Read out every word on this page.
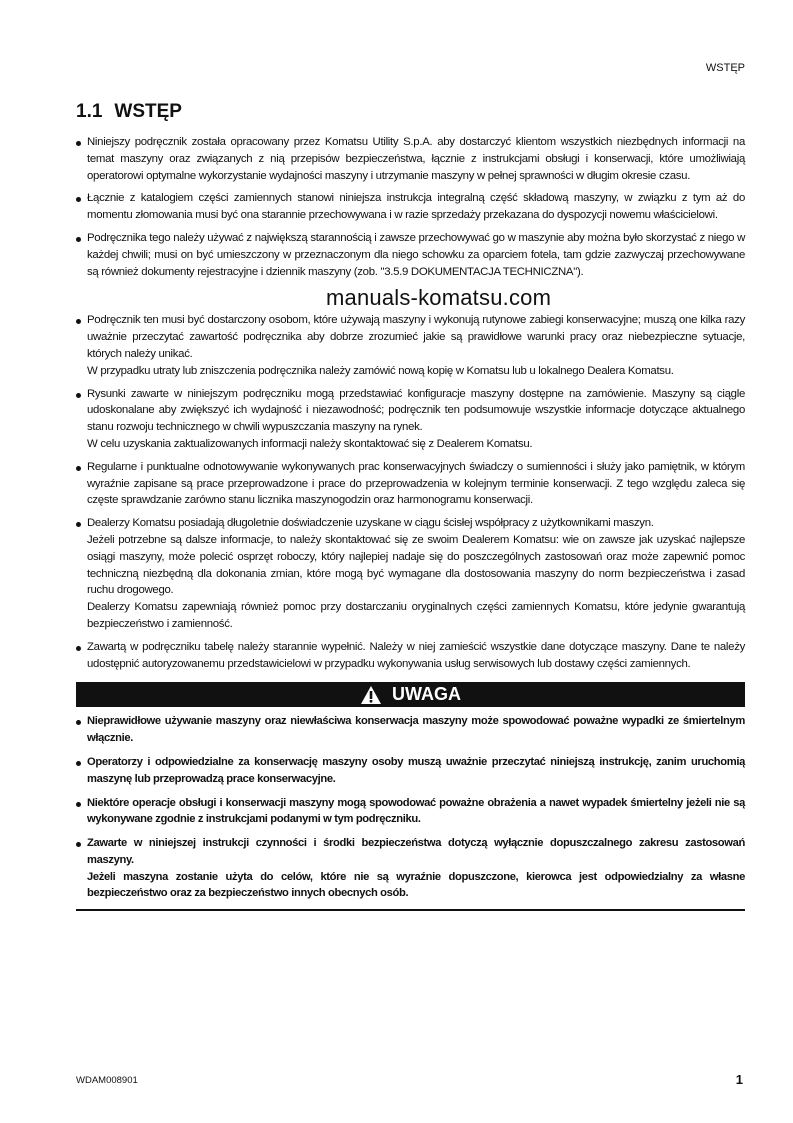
WSTĘP
1.1 WSTĘP

Niniejszy podręcznik została opracowany przez Komatsu Utility S.p.A. aby dostarczyć klientom wszystkich niezbędnych informacji na temat maszyny oraz związanych z nią przepisów bezpieczeństwa, łącznie z instrukcjami obsługi i konserwacji, które umożliwiają operatorowi optymalne wykorzystanie wydajności maszyny i utrzymanie maszyny w pełnej sprawności w długim okresie czasu.

Łącznie z katalogiem części zamiennych stanowi niniejsza instrukcja integralną część składową maszyny, w związku z tym aż do momentu złomowania musi być ona starannie przechowywana i w razie sprzedaży przekazana do dyspozycji nowemu właścicielowi.

Podręcznika tego należy używać z największą starannością i zawsze przechowywać go w maszynie aby można było skorzystać z niego w każdej chwili; musi on być umieszczony w przeznaczonym dla niego schowku za oparciem fotela, tam gdzie zazwyczaj przechowywane są również dokumenty rejestracyjne i dziennik maszyny (zob. "3.5.9 DOKUMENTACJA TECHNICZNA").

manuals-komatsu.com

Podręcznik ten musi być dostarczony osobom, które używają maszyny i wykonują rutynowe zabiegi konserwacyjne; muszą one kilka razy uważnie przeczytać zawartość podręcznika aby dobrze zrozumieć jakie są prawidłowe warunki pracy oraz niebezpieczne sytuacje, których należy unikać.

W przypadku utraty lub zniszczenia podręcznika należy zamówić nową kopię w Komatsu lub u lokalnego Dealera Komatsu.

Rysunki zawarte w niniejszym podręczniku mogą przedstawiać konfiguracje maszyny dostępne na zamówienie. Maszyny są ciągle udoskonalane aby zwiększyć ich wydajność i niezawodność; podręcznik ten podsumowuje wszystkie informacje dotyczące aktualnego stanu rozwoju technicznego w chwili wypuszczania maszyny na rynek.

W celu uzyskania zaktualizowanych informacji należy skontaktować się z Dealerem Komatsu.

Regularne i punktualne odnotowywanie wykonywanych prac konserwacyjnych świadczy o sumienności i służy jako pamiętnik, w którym wyraźnie zapisane są prace przeprowadzone i prace do przeprowadzenia w kolejnym terminie konserwacji. Z tego względu zaleca się częste sprawdzanie zarówno stanu licznika maszynogodzin oraz harmonogramu konserwacji.

Dealerzy Komatsu posiadają długoletnie doświadczenie uzyskane w ciągu ścisłej współpracy z użytkownikami maszyn.

Jeżeli potrzebne są dalsze informacje, to należy skontaktować się ze swoim Dealerem Komatsu: wie on zawsze jak uzyskać najlepsze osiągi maszyny, może polecić osprzęt roboczy, który najlepiej nadaje się do poszczególnych zastosowań oraz może zapewnić pomoc techniczną niezbędną dla dokonania zmian, które mogą być wymagane dla dostosowania maszyny do norm bezpieczeństwa i zasad ruchu drogowego.

Dealerzy Komatsu zapewniają również pomoc przy dostarczaniu oryginalnych części zamiennych Komatsu, które jedynie gwarantują bezpieczeństwo i zamienność.

Zawartą w podręczniku tabelę należy starannie wypełnić. Należy w niej zamieścić wszystkie dane dotyczące maszyny. Dane te należy udostępnić autoryzowanemu przedstawicielowi w przypadku wykonywania usług serwisowych lub dostawy części zamiennych.

UWAGA

Nieprawidłowe używanie maszyny oraz niewłaściwa konserwacja maszyny może spowodować poważne wypadki ze śmiertelnym włącznie.

Operatorzy i odpowiedzialne za konserwację maszyny osoby muszą uważnie przeczytać niniejszą instrukcję, zanim uruchomią maszynę lub przeprowadzą prace konserwacyjne.

Niektóre operacje obsługi i konserwacji maszyny mogą spowodować poważne obrażenia a nawet wypadek śmiertelny jeżeli nie są wykonywane zgodnie z instrukcjami podanymi w tym podręczniku.

Zawarte w niniejszej instrukcji czynności i środki bezpieczeństwa dotyczą wyłącznie dopuszczalnego zakresu zastosowań maszyny.

Jeżeli maszyna zostanie użyta do celów, które nie są wyraźnie dopuszczone, kierowca jest odpowiedzialny za własne bezpieczeństwo oraz za bezpieczeństwo innych obecnych osób.

WDAM008901	1
